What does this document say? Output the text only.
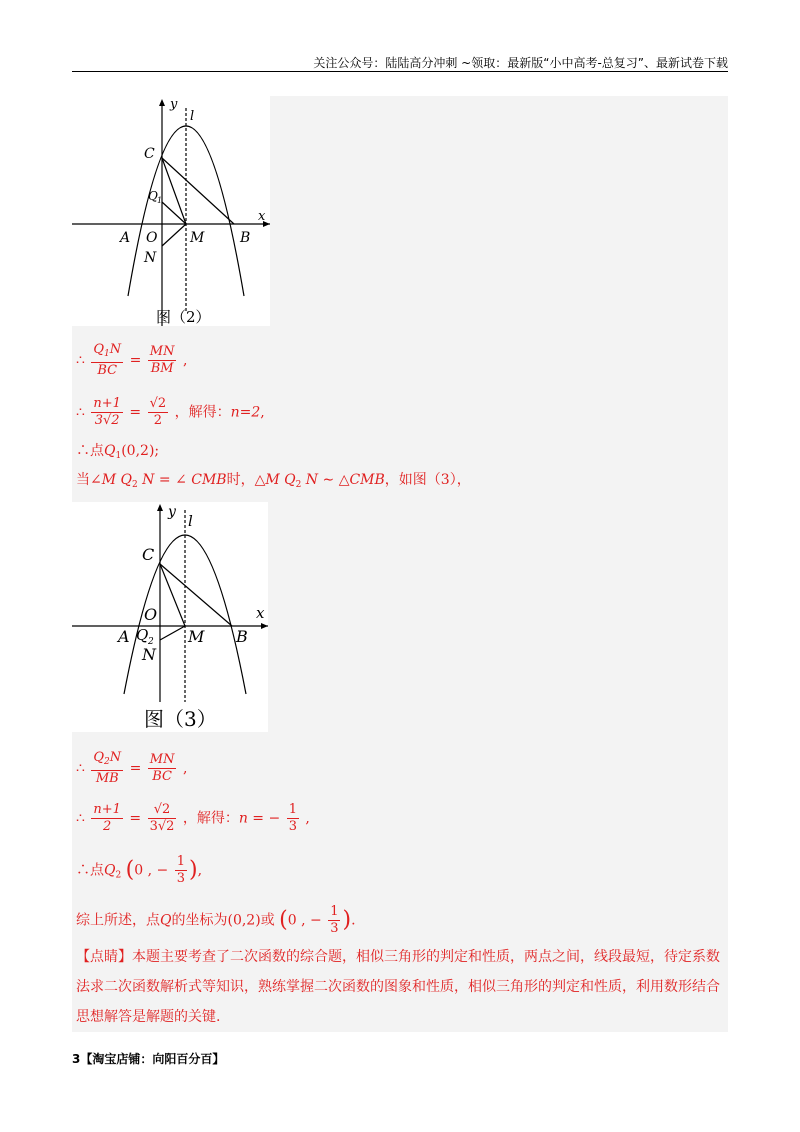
关注公众号：陆陆高分冲刺 ~领取：最新版“小中高考-总复习”、最新试卷下载
y
l
x
C
Q 1
A O M	B
N
图（2）
∴ $\frac{Q_1N}{BC} = \frac{MN}{BM}$ ,
∴ $\frac{n+1}{3√2} = \frac{√2}{2}$ ，解得：n=2,
∴点$Q_1(0,2)$;
当∠M $Q_2$ N = ∠ CMB时，△M $Q_2$ N ∼ △CMB，如图（3），
y l
x
C
O
A Q 2 M B
N
图（3）
∴ $\frac{Q_2N}{MB} = \frac{MN}{BC}$ ,
∴ $\frac{n+1}{2} = \frac{√2}{3√2}$ ，解得：n = − $\frac{1}{3}$ ,
∴点$Q_2$ (0 , − $\frac{1}{3}$ ),
综上所述，点Q的坐标为(0,2)或 (0 , − $\frac{1}{3}$ ).
【点睛】本题主要考查了二次函数的综合题，相似三角形的判定和性质，两点之间，线段最短，待定系数法求二次函数解析式等知识，熟练掌握二次函数的图象和性质，相似三角形的判定和性质，利用数形结合思想解答是解题的关键.
3【淘宝店铺：向阳百分百】
